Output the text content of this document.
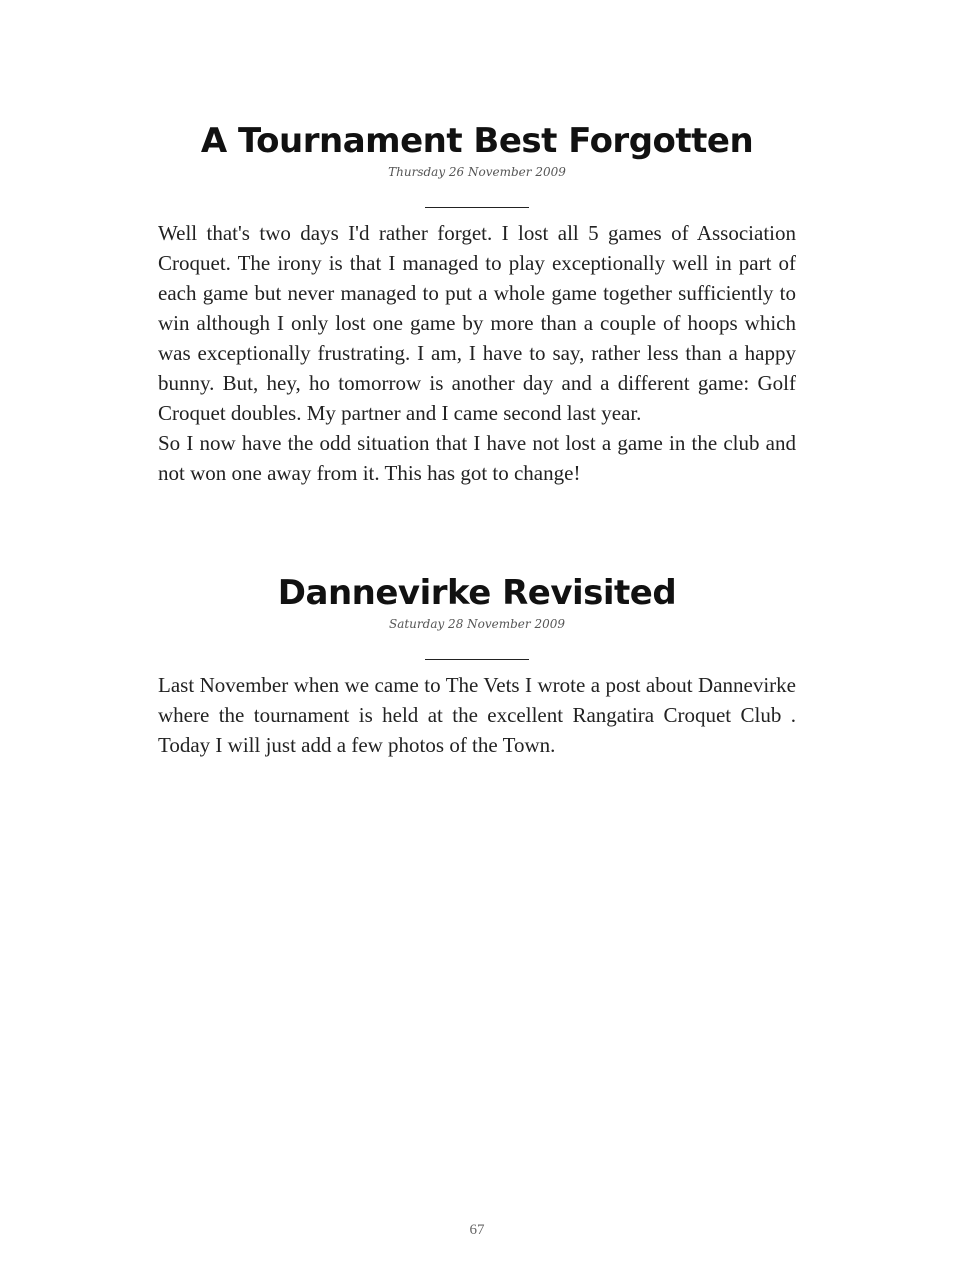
A Tournament Best Forgotten
Thursday 26 November 2009

Well that's two days I'd rather forget. I lost all 5 games of Association Croquet. The irony is that I managed to play exceptionally well in part of each game but never managed to put a whole game together sufficiently to win although I only lost one game by more than a couple of hoops which was exceptionally frustrating. I am, I have to say, rather less than a happy bunny. But, hey, ho tomorrow is another day and a different game: Golf Croquet doubles. My partner and I came second last year.

So I now have the odd situation that I have not lost a game in the club and not won one away from it. This has got to change!

Dannevirke Revisited
Saturday 28 November 2009

Last November when we came to The Vets I wrote a post about Dannevirke where the tournament is held at the excellent Rangatira Croquet Club . Today I will just add a few photos of the Town.

67
